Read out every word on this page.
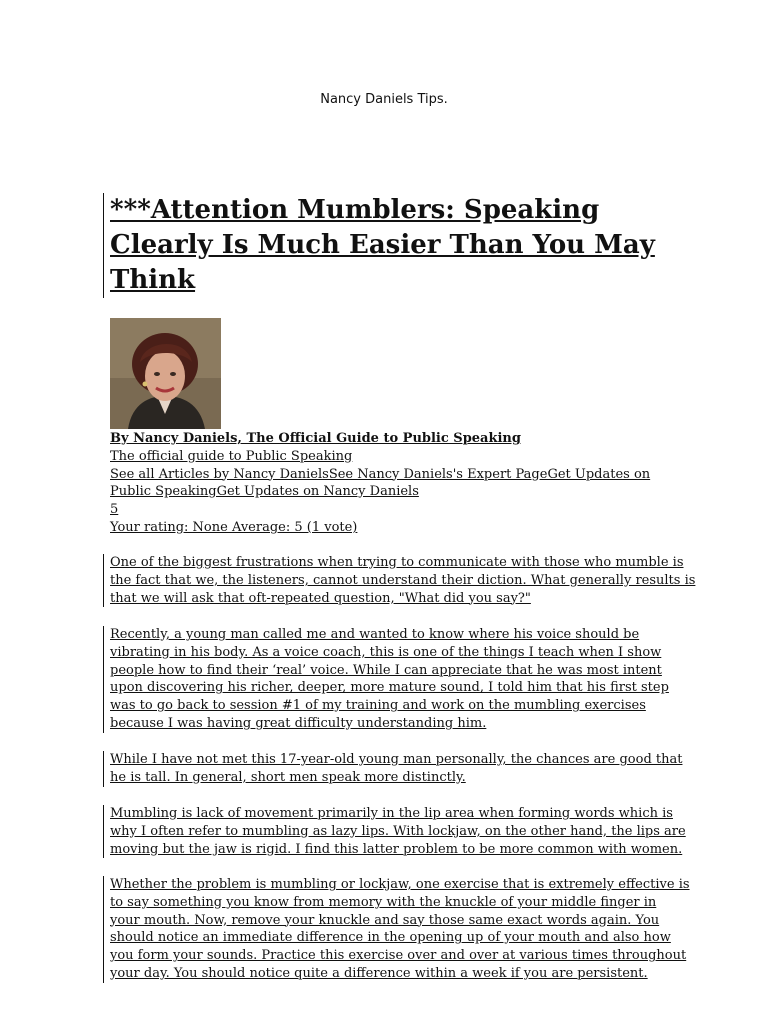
Nancy Daniels Tips.
***Attention Mumblers: Speaking
Clearly Is Much Easier Than You May
Think
By Nancy Daniels, The Official Guide to Public Speaking
The official guide to Public Speaking
See all Articles by Nancy DanielsSee Nancy Daniels's Expert PageGet Updates on
Public SpeakingGet Updates on Nancy Daniels
5
Your rating: None Average: 5 (1 vote)
One of the biggest frustrations when trying to communicate with those who mumble is
the fact that we, the listeners, cannot understand their diction. What generally results is
that we will ask that oft-repeated question, "What did you say?"
Recently, a young man called me and wanted to know where his voice should be
vibrating in his body. As a voice coach, this is one of the things I teach when I show
people how to find their ‘real’ voice. While I can appreciate that he was most intent
upon discovering his richer, deeper, more mature sound, I told him that his first step
was to go back to session #1 of my training and work on the mumbling exercises
because I was having great difficulty understanding him.
While I have not met this 17-year-old young man personally, the chances are good that
he is tall. In general, short men speak more distinctly.
Mumbling is lack of movement primarily in the lip area when forming words which is
why I often refer to mumbling as lazy lips. With lockjaw, on the other hand, the lips are
moving but the jaw is rigid. I find this latter problem to be more common with women.
Whether the problem is mumbling or lockjaw, one exercise that is extremely effective is
to say something you know from memory with the knuckle of your middle finger in
your mouth. Now, remove your knuckle and say those same exact words again. You
should notice an immediate difference in the opening up of your mouth and also how
you form your sounds. Practice this exercise over and over at various times throughout
your day. You should notice quite a difference within a week if you are persistent.
